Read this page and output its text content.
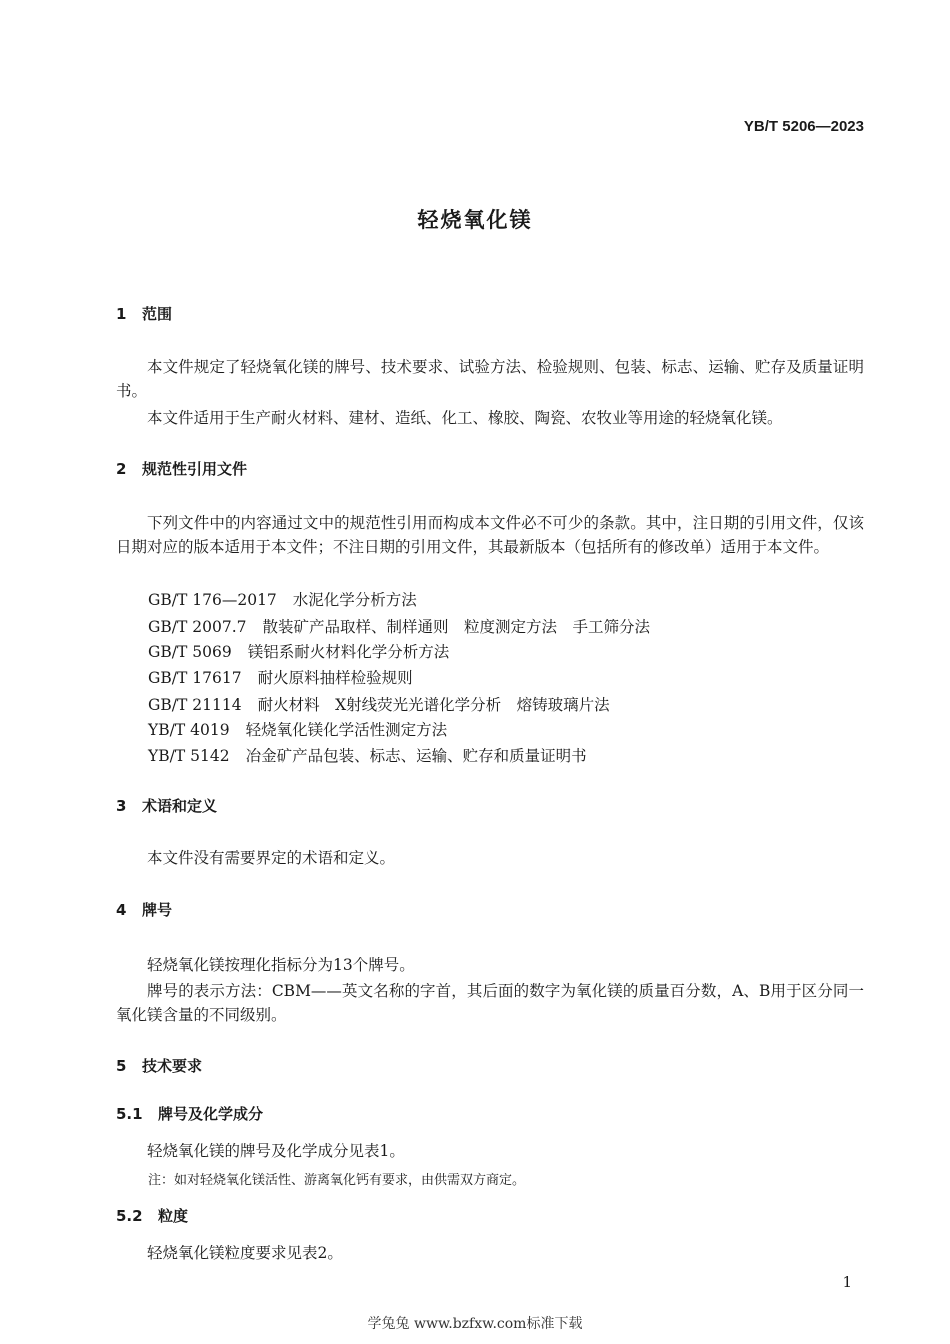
YB/T 5206—2023
轻烧氧化镁
1 范围
本文件规定了轻烧氧化镁的牌号、技术要求、试验方法、检验规则、包装、标志、运输、贮存及质量证明书。
本文件适用于生产耐火材料、建材、造纸、化工、橡胶、陶瓷、农牧业等用途的轻烧氧化镁。
2 规范性引用文件
下列文件中的内容通过文中的规范性引用而构成本文件必不可少的条款。其中，注日期的引用文件，仅该日期对应的版本适用于本文件；不注日期的引用文件，其最新版本（包括所有的修改单）适用于本文件。
GB/T 176—2017 水泥化学分析方法
GB/T 2007.7 散装矿产品取样、制样通则　粒度测定方法　手工筛分法
GB/T 5069 镁铝系耐火材料化学分析方法
GB/T 17617 耐火原料抽样检验规则
GB/T 21114 耐火材料　X射线荧光光谱化学分析　熔铸玻璃片法
YB/T 4019 轻烧氧化镁化学活性测定方法
YB/T 5142 冶金矿产品包装、标志、运输、贮存和质量证明书
3 术语和定义
本文件没有需要界定的术语和定义。
4 牌号
轻烧氧化镁按理化指标分为13个牌号。
牌号的表示方法：CBM——英文名称的字首，其后面的数字为氧化镁的质量百分数，A、B用于区分同一氧化镁含量的不同级别。
5 技术要求
5.1 牌号及化学成分
轻烧氧化镁的牌号及化学成分见表1。
注：如对轻烧氧化镁活性、游离氧化钙有要求，由供需双方商定。
5.2 粒度
轻烧氧化镁粒度要求见表2。
1
学兔兔 www.bzfxw.com标准下载
